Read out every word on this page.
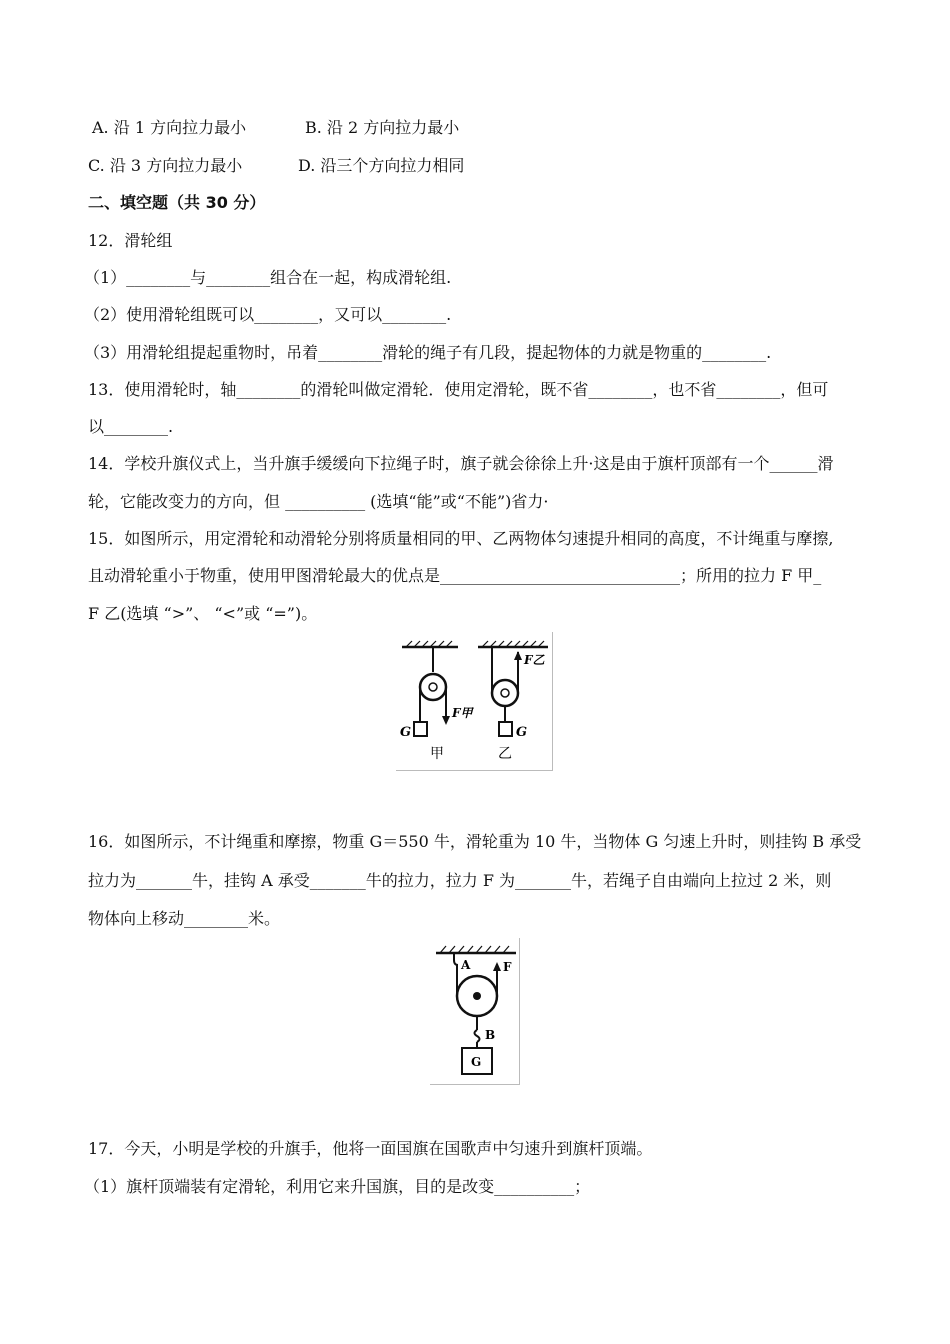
A. 沿 1 方向拉力最小	B. 沿 2 方向拉力最小
C. 沿 3 方向拉力最小	D. 沿三个方向拉力相同
二、填空题（共 30 分）
12．滑轮组
（1）________与________组合在一起，构成滑轮组.
（2）使用滑轮组既可以________，又可以________.
（3）用滑轮组提起重物时，吊着________滑轮的绳子有几段，提起物体的力就是物重的________.
13．使用滑轮时，轴________的滑轮叫做定滑轮．使用定滑轮，既不省________，也不省________，但可
以________.
14．学校升旗仪式上，当升旗手缓缓向下拉绳子时，旗子就会徐徐上升·这是由于旗杆顶部有一个______滑
轮，它能改变力的方向，但 __________ (选填“能”或“不能”)省力·
15．如图所示，用定滑轮和动滑轮分别将质量相同的甲、乙两物体匀速提升相同的高度，不计绳重与摩擦,
且动滑轮重小于物重，使用甲图滑轮最大的优点是______________________________；所用的拉力 F 甲_
F 乙(选填 “>”、 “<”或 “=”)。
G
F甲
甲
F乙
G
乙
16．如图所示，不计绳重和摩擦，物重 G＝550 牛，滑轮重为 10 牛，当物体 G 匀速上升时，则挂钩 B 承受
拉力为_______牛，挂钩 A 承受_______牛的拉力，拉力 F 为_______牛，若绳子自由端向上拉过 2 米，则
物体向上移动________米。
A	F
B
G
17．今天，小明是学校的升旗手，他将一面国旗在国歌声中匀速升到旗杆顶端。
（1）旗杆顶端装有定滑轮，利用它来升国旗，目的是改变__________；
